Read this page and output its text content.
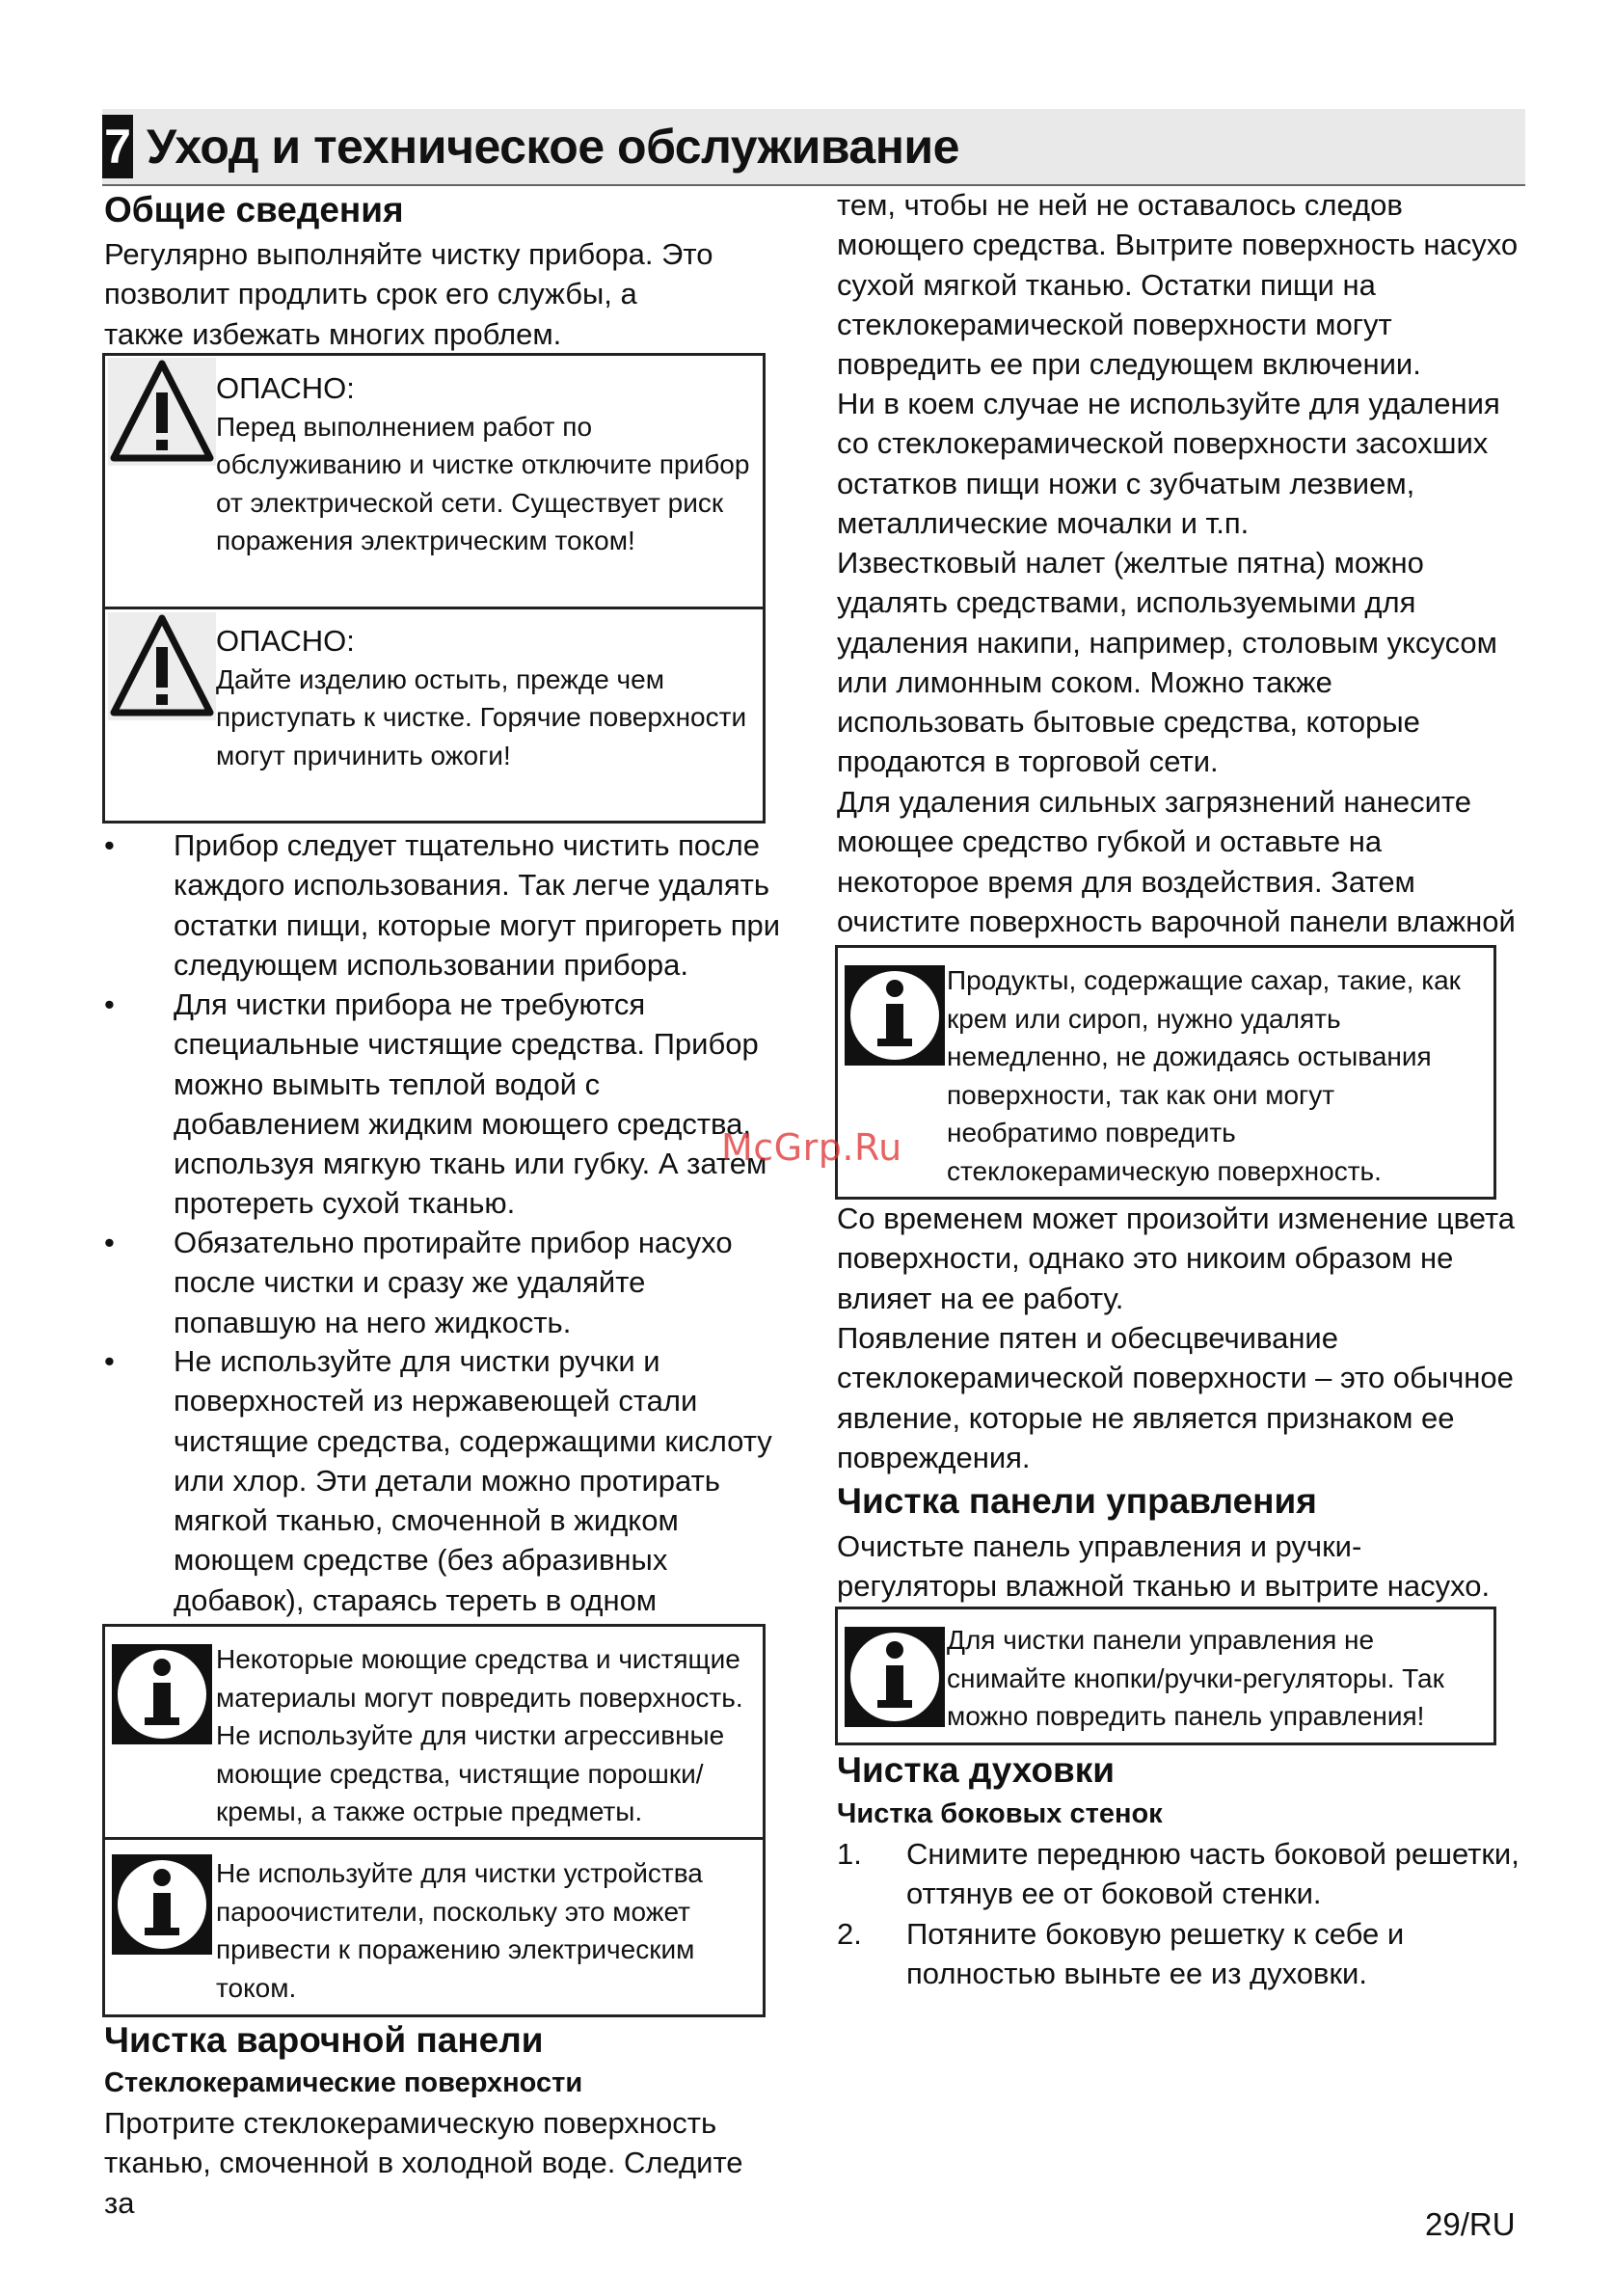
7 Уход и техническое обслуживание
Общие сведения
Регулярно выполняйте чистку прибора. Это позволит продлить срок его службы, а также избежать многих проблем.
ОПАСНО:
Перед выполнением работ по обслуживанию и чистке отключите прибор от электрической сети. Существует риск поражения электрическим током!
ОПАСНО:
Дайте изделию остыть, прежде чем приступать к чистке. Горячие поверхности могут причинить ожоги!
•	Прибор следует тщательно чистить после каждого использования. Так легче удалять остатки пищи, которые могут пригореть при следующем использовании прибора.
•	Для чистки прибора не требуются специальные чистящие средства. Прибор можно вымыть теплой водой с добавлением жидким моющего средства, используя мягкую ткань или губку. А затем протереть сухой тканью.
•	Обязательно протирайте прибор насухо после чистки и сразу же удаляйте попавшую на него жидкость.
•	Не используйте для чистки ручки и поверхностей из нержавеющей стали чистящие средства, содержащими кислоту или хлор. Эти детали можно протирать мягкой тканью, смоченной в жидком моющем средстве (без абразивных добавок), стараясь тереть в одном
Некоторые моющие средства и чистящие материалы могут повредить поверхность. Не используйте для чистки агрессивные моющие средства, чистящие порошки/кремы, а также острые предметы.
Не используйте для чистки устройства пароочистители, поскольку это может привести к поражению электрическим током.
Чистка варочной панели
Стеклокерамические поверхности
Протрите стеклокерамическую поверхность тканью, смоченной в холодной воде. Следите за
тем, чтобы не ней не оставалось следов моющего средства. Вытрите поверхность насухо сухой мягкой тканью. Остатки пищи на стеклокерамической поверхности могут повредить ее при следующем включении.
Ни в коем случае не используйте для удаления со стеклокерамической поверхности засохших остатков пищи ножи с зубчатым лезвием, металлические мочалки и т.п.
Известковый налет (желтые пятна) можно удалять средствами, используемыми для удаления накипи, например, столовым уксусом или лимонным соком. Можно также использовать бытовые средства, которые продаются в торговой сети.
Для удаления сильных загрязнений нанесите моющее средство губкой и оставьте на некоторое время для воздействия. Затем очистите поверхность варочной панели влажной
Продукты, содержащие сахар, такие, как крем или сироп, нужно удалять немедленно, не дожидаясь остывания поверхности, так как они могут необратимо повредить стеклокерамическую поверхность.
Со временем может произойти изменение цвета поверхности, однако это никоим образом не влияет на ее работу.
Появление пятен и обесцвечивание стеклокерамической поверхности – это обычное явление, которые не является признаком ее повреждения.
Чистка панели управления
Очистьте панель управления и ручки-регуляторы влажной тканью и вытрите насухо.
Для чистки панели управления не снимайте кнопки/ручки-регуляторы. Так можно повредить панель управления!
Чистка духовки
Чистка боковых стенок
1. Снимите переднюю часть боковой решетки, оттянув ее от боковой стенки.
2. Потяните боковую решетку к себе и полностью выньте ее из духовки.
McGrp.Ru
29/RU
